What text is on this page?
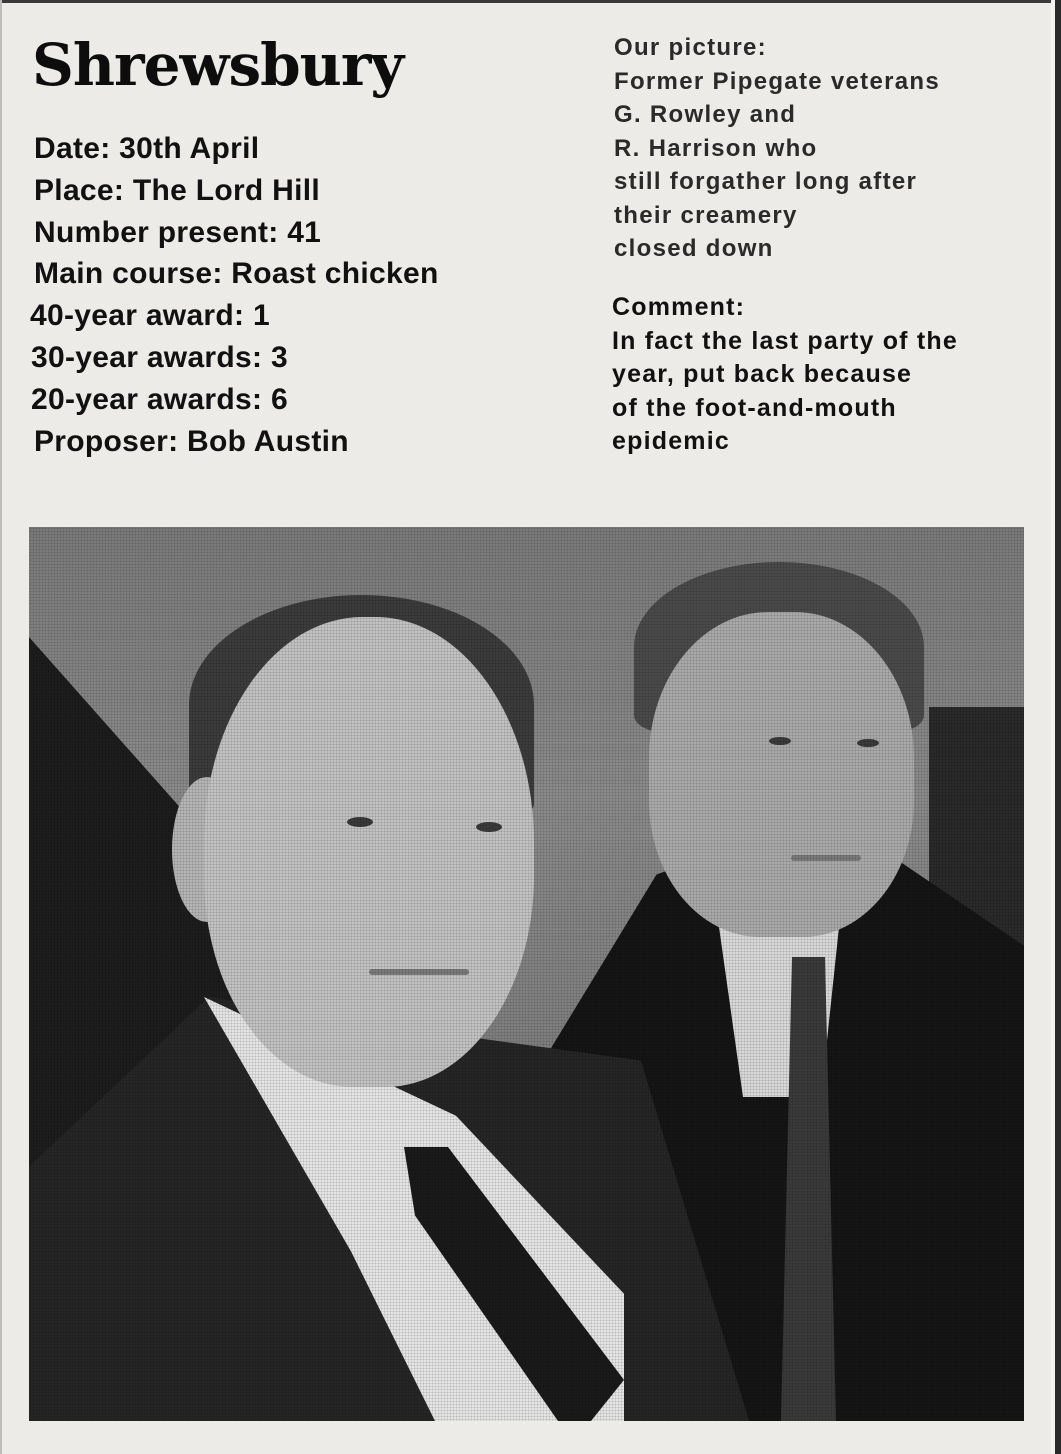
Shrewsbury
Date: 30th April
Place: The Lord Hill
Number present: 41
Main course: Roast chicken
40-year award: 1
30-year awards: 3
20-year awards: 6
Proposer: Bob Austin
Our picture:
Former Pipegate veterans
G. Rowley and
R. Harrison who
still forgather long after
their creamery
closed down
Comment:
In fact the last party of the
year, put back because
of the foot-and-mouth
epidemic
